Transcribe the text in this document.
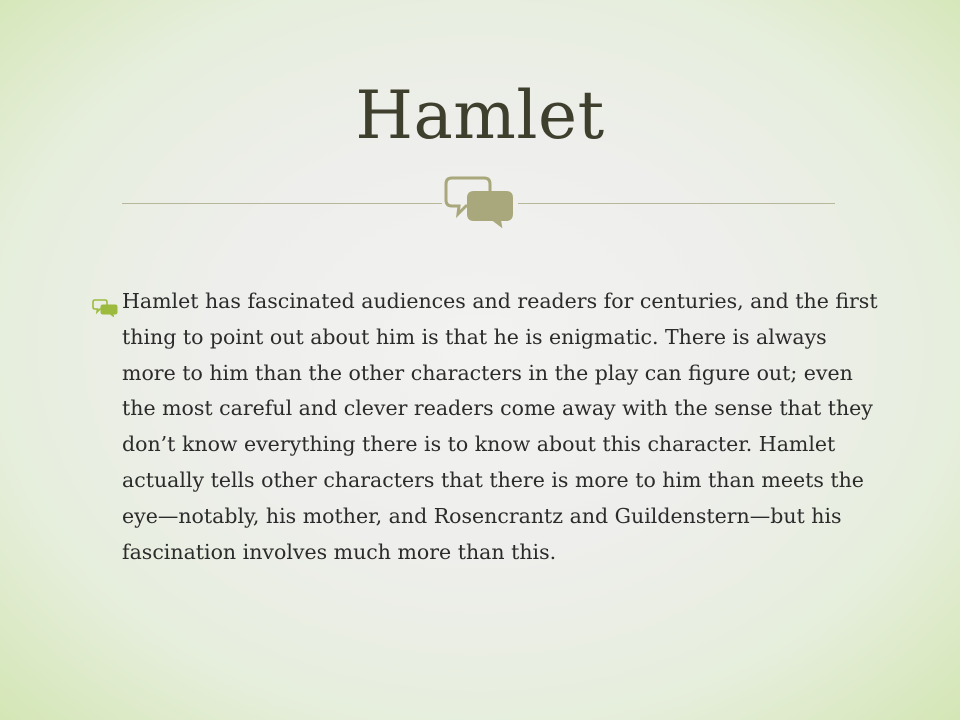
Hamlet
Hamlet has fascinated audiences and readers for centuries, and the first thing to point out about him is that he is enigmatic. There is always more to him than the other characters in the play can figure out; even the most careful and clever readers come away with the sense that they don’t know everything there is to know about this character. Hamlet actually tells other characters that there is more to him than meets the eye—notably, his mother, and Rosencrantz and Guildenstern—but his fascination involves much more than this.
